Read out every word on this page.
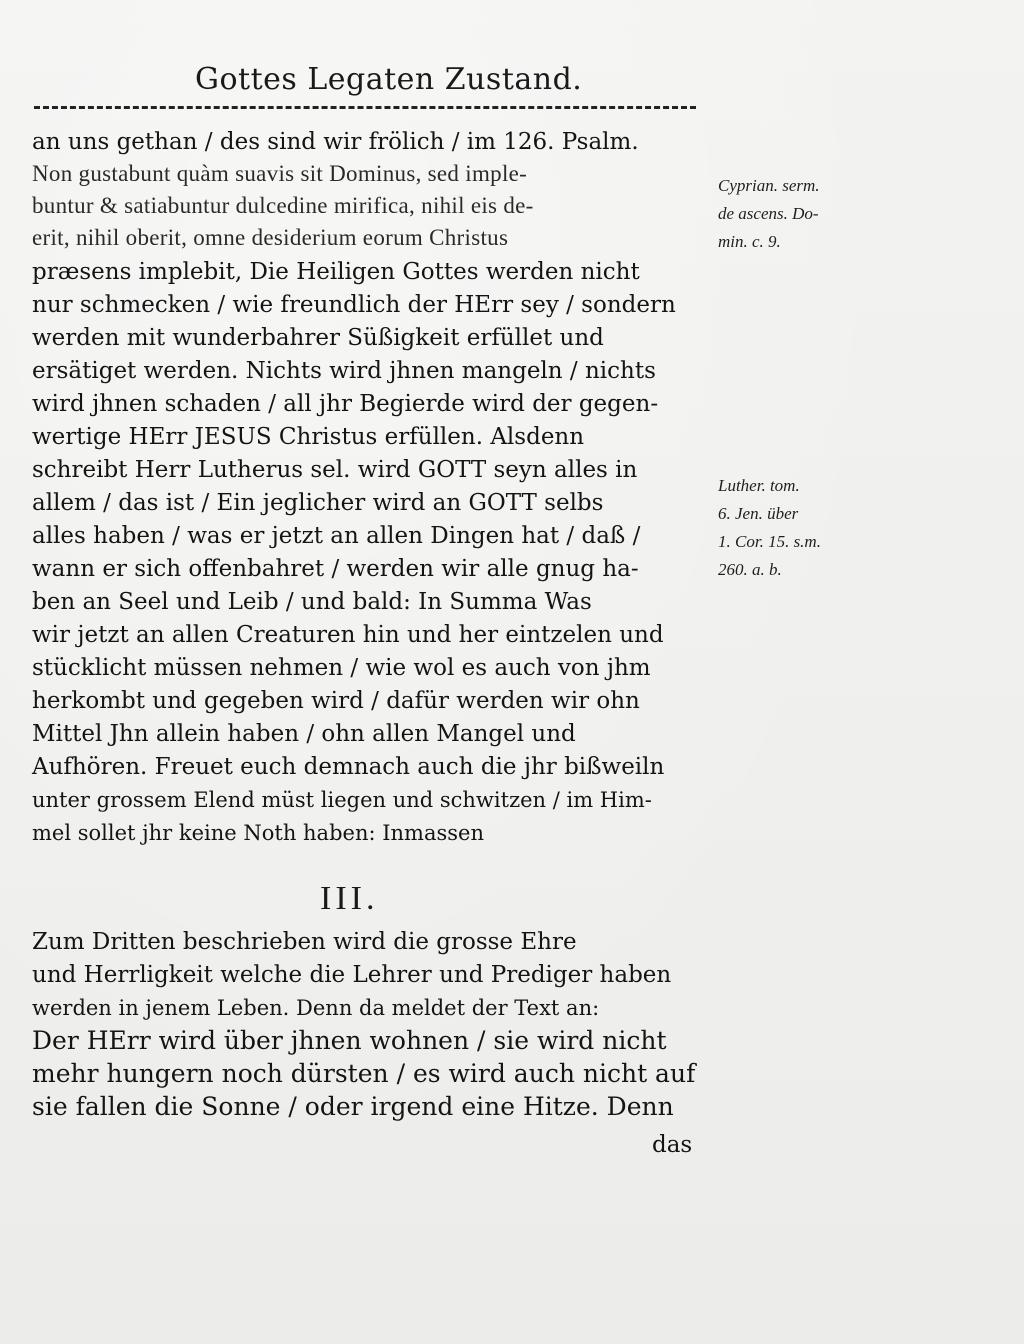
Gottes Legaten Zustand.
an uns gethan / des sind wir frölich / im 126. Psalm.
Non gustabunt quàm suavis sit Dominus, sed imple-
buntur & satiabuntur dulcedine mirifica, nihil eis de-
erit, nihil oberit, omne desiderium eorum Christus
præsens implebit, Die Heiligen Gottes werden nicht
nur schmecken / wie freundlich der HErr sey / sondern
werden mit wunderbahrer Süßigkeit erfüllet und
ersätiget werden. Nichts wird jhnen mangeln / nichts
wird jhnen schaden / all jhr Begierde wird der gegen-
wertige HErr JESUS Christus erfüllen. Alsdenn
schreibt Herr Lutherus sel. wird GOTT seyn alles in
allem / das ist / Ein jeglicher wird an GOTT selbs
alles haben / was er jetzt an allen Dingen hat / daß /
wann er sich offenbahret / werden wir alle gnug ha-
ben an Seel und Leib / und bald: In Summa Was
wir jetzt an allen Creaturen hin und her eintzelen und
stücklicht müssen nehmen / wie wol es auch von jhm
herkombt und gegeben wird / dafür werden wir ohn
Mittel Jhn allein haben / ohn allen Mangel und
Aufhören. Freuet euch demnach auch die jhr bißweiln
unter grossem Elend müst liegen und schwitzen / im Him-
mel sollet jhr keine Noth haben: Inmassen
Zum Dritten beschrieben wird die grosse Ehre
und Herrligkeit welche die Lehrer und Prediger haben
werden in jenem Leben. Denn da meldet der Text an:
Der HErr wird über jhnen wohnen / sie wird nicht
mehr hungern noch dürsten / es wird auch nicht auf
sie fallen die Sonne / oder irgend eine Hitze. Denn
III.
Cyprian. serm.
de ascens. Do-
min. c. 9.
Luther. tom.
6. Jen. über
1. Cor. 15. s.m.
260. a. b.
das
